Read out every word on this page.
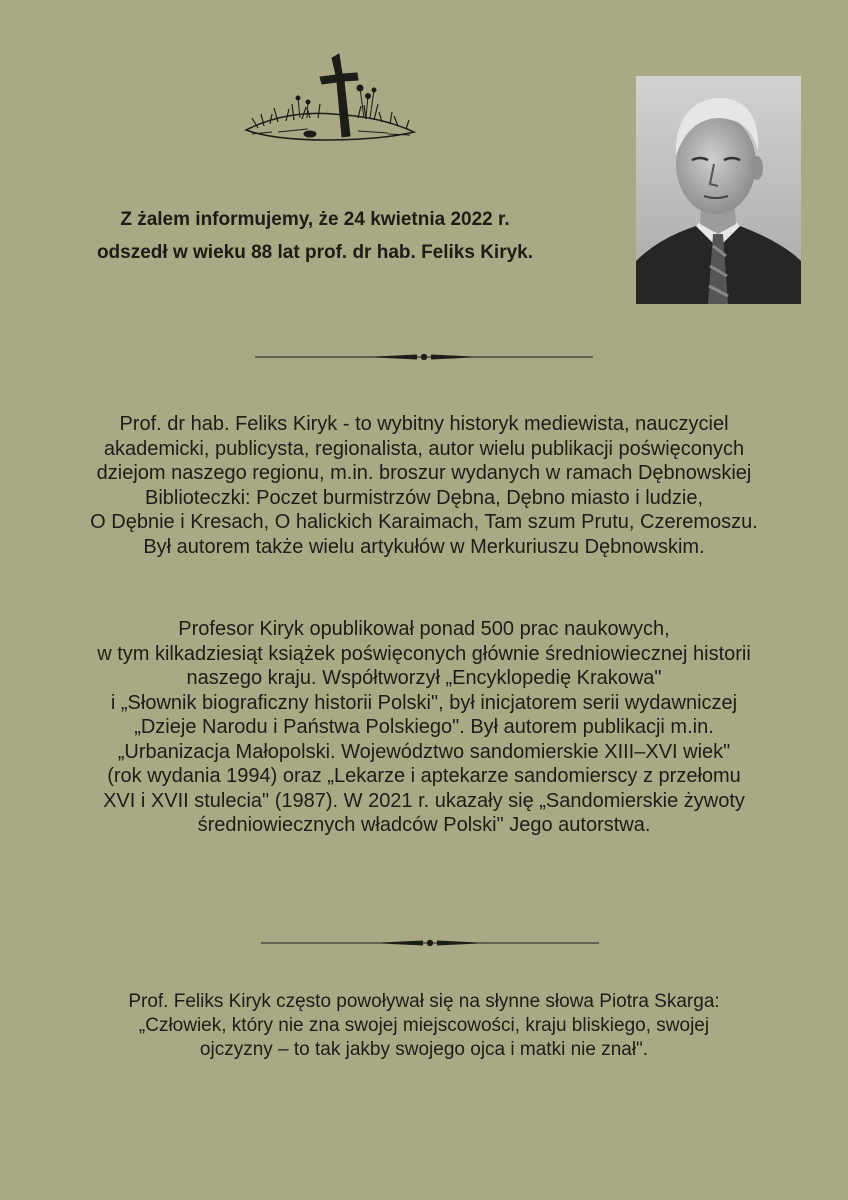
Z żalem informujemy, że 24 kwietnia 2022 r.
odszedł w wieku 88 lat prof. dr hab. Feliks Kiryk.
Prof. dr hab. Feliks Kiryk - to wybitny historyk mediewista, nauczyciel
akademicki, publicysta, regionalista, autor wielu publikacji poświęconych
dziejom naszego regionu, m.in. broszur wydanych w ramach Dębnowskiej
Biblioteczki: Poczet burmistrzów Dębna, Dębno miasto i ludzie,
O Dębnie i Kresach, O halickich Karaimach, Tam szum Prutu, Czeremoszu.
Był autorem także wielu artykułów w Merkuriuszu Dębnowskim.
Profesor Kiryk opublikował ponad 500 prac naukowych,
w tym kilkadziesiąt książek poświęconych głównie średniowiecznej historii
naszego kraju. Współtworzył „Encyklopedię Krakowa"
i „Słownik biograficzny historii Polski", był inicjatorem serii wydawniczej
„Dzieje Narodu i Państwa Polskiego". Był autorem publikacji m.in.
„Urbanizacja Małopolski. Województwo sandomierskie XIII–XVI wiek"
(rok wydania 1994) oraz „Lekarze i aptekarze sandomierscy z przełomu
XVI i XVII stulecia" (1987). W 2021 r. ukazały się „Sandomierskie żywoty
średniowiecznych władców Polski" Jego autorstwa.
Prof. Feliks Kiryk często powoływał się na słynne słowa Piotra Skarga:
„Człowiek, który nie zna swojej miejscowości, kraju bliskiego, swojej
ojczyzny – to tak jakby swojego ojca i matki nie znał".
